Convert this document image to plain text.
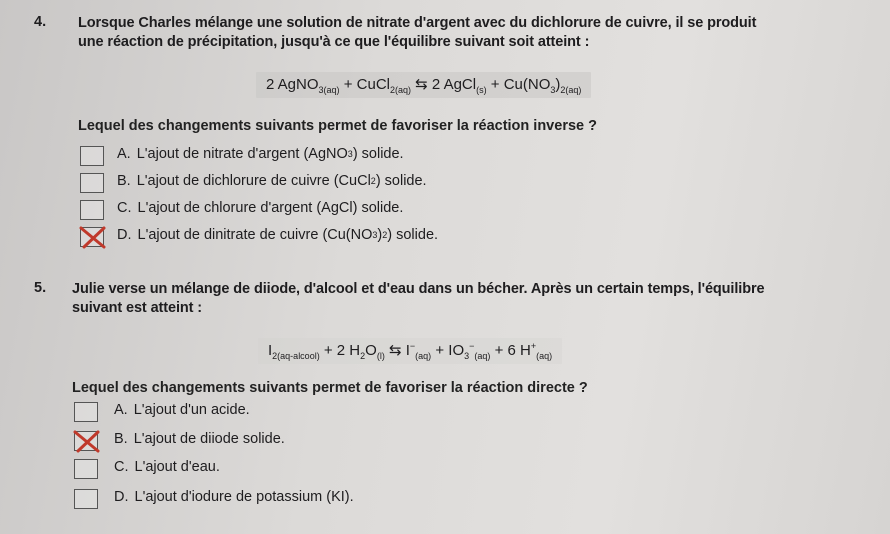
4. Lorsque Charles mélange une solution de nitrate d'argent avec du dichlorure de cuivre, il se produit
une réaction de précipitation, jusqu'à ce que l'équilibre suivant soit atteint :
2 AgNO$_{3(aq)}$ + CuCl$_{2(aq)}$ ⇆ 2 AgCl$_{(s)}$ + $Cu(NO_3)_{2(aq)}$
Lequel des changements suivants permet de favoriser la réaction inverse ?
A. L'ajout de nitrate d'argent (AgNO 3 ) solide.
B. L'ajout de dichlorure de cuivre (CuCl 2 ) solide.
C. L'ajout de chlorure d'argent (AgCl) solide.
D. L'ajout de dinitrate de cuivre (Cu(NO 3 ) 2 ) solide.
5. Julie verse un mélange de diiode, d'alcool et d'eau dans un bécher. Après un certain temps, l'équilibre
suivant est atteint :
$I_{2(aq-alcool)} + 2$ $H_2O_{(l)}$ ⇆ $I^-_{(aq)} + IO_3^-_{(aq)} + 6$ $H^+_{(aq)}$
Lequel des changements suivants permet de favoriser la réaction directe ?
A. L'ajout d'un acide.
B. L'ajout de diiode solide.
C. L'ajout d'eau.
D. L'ajout d'iodure de potassium (KI).
